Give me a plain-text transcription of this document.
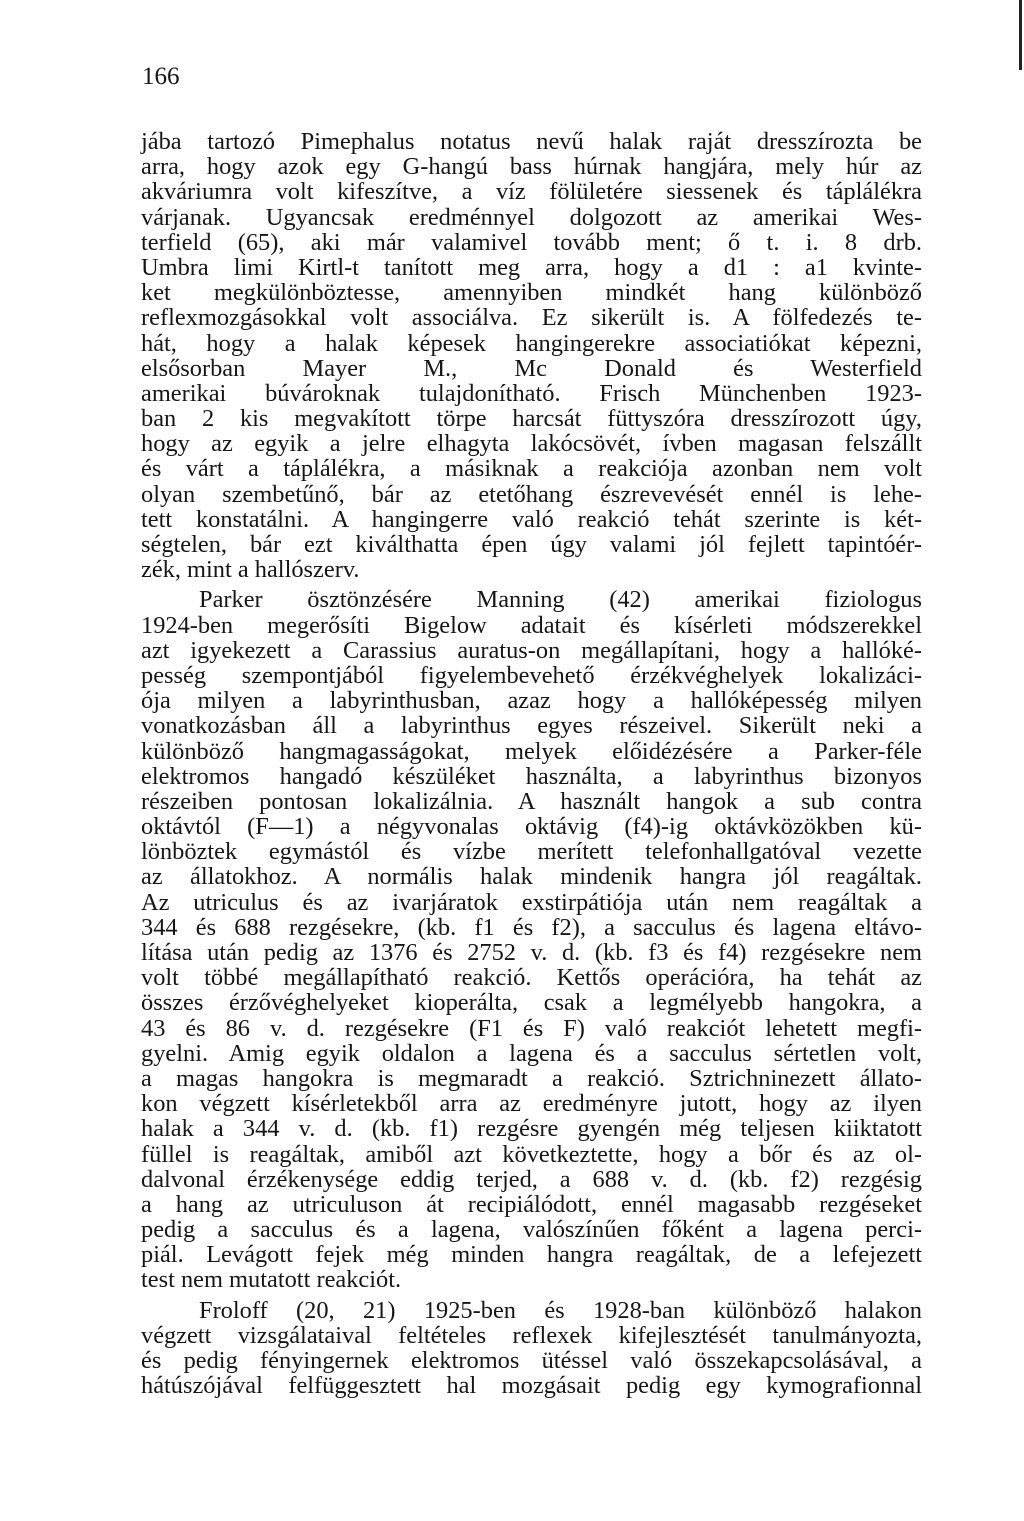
166
jába tartozó Pimephalus notatus nevű halak raját dresszírozta be
arra, hogy azok egy G-hangú bass húrnak hangjára, mely húr az
akváriumra volt kifeszítve, a víz fölületére siessenek és táplálékra
várjanak. Ugyancsak eredménnyel dolgozott az amerikai Wes-
terfield (65), aki már valamivel tovább ment; ő t. i. 8 drb.
Umbra limi Kirtl-t tanított meg arra, hogy a d1 : a1 kvinte-
ket megkülönböztesse, amennyiben mindkét hang különböző
reflexmozgásokkal volt associálva. Ez sikerült is. A fölfedezés te-
hát, hogy a halak képesek hangingerekre associatiókat képezni,
elsősorban Mayer M., Mc Donald és Westerfield
amerikai búvároknak tulajdonítható. Frisch Münchenben 1923-
ban 2 kis megvakított törpe harcsát füttyszóra dresszírozott úgy,
hogy az egyik a jelre elhagyta lakócsövét, ívben magasan felszállt
és várt a táplálékra, a másiknak a reakciója azonban nem volt
olyan szembetűnő, bár az etetőhang észrevevését ennél is lehe-
tett konstatálni. A hangingerre való reakció tehát szerinte is két-
ségtelen, bár ezt kiválthatta épen úgy valami jól fejlett tapintóér-
zék, mint a hallószerv.
Parker ösztönzésére Manning (42) amerikai fiziologus
1924-ben megerősíti Bigelow adatait és kísérleti módszerekkel
azt igyekezett a Carassius auratus-on megállapítani, hogy a hallóké-
pesség szempontjából figyelembevehető érzékvéghelyek lokalizáci-
ója milyen a labyrinthusban, azaz hogy a hallóképesség milyen
vonatkozásban áll a labyrinthus egyes részeivel. Sikerült neki a
különböző hangmagasságokat, melyek előidézésére a Parker-féle
elektromos hangadó készüléket használta, a labyrinthus bizonyos
részeiben pontosan lokalizálnia. A használt hangok a sub contra
oktávtól (F—1) a négyvonalas oktávig (f4)-ig oktávközökben kü-
lönböztek egymástól és vízbe merített telefonhallgatóval vezette
az állatokhoz. A normális halak mindenik hangra jól reagáltak.
Az utriculus és az ivarjáratok exstirpátiója után nem reagáltak a
344 és 688 rezgésekre, (kb. f1 és f2), a sacculus és lagena eltávo-
lítása után pedig az 1376 és 2752 v. d. (kb. f3 és f4) rezgésekre nem
volt többé megállapítható reakció. Kettős operációra, ha tehát az
összes érzővéghelyeket kioperálta, csak a legmélyebb hangokra, a
43 és 86 v. d. rezgésekre (F1 és F) való reakciót lehetett megfi-
gyelni. Amig egyik oldalon a lagena és a sacculus sértetlen volt,
a magas hangokra is megmaradt a reakció. Sztrichninezett állato-
kon végzett kísérletekből arra az eredményre jutott, hogy az ilyen
halak a 344 v. d. (kb. f1) rezgésre gyengén még teljesen kiiktatott
füllel is reagáltak, amiből azt következtette, hogy a bőr és az ol-
dalvonal érzékenysége eddig terjed, a 688 v. d. (kb. f2) rezgésig
a hang az utriculuson át recipiálódott, ennél magasabb rezgéseket
pedig a sacculus és a lagena, valószínűen főként a lagena perci-
piál. Levágott fejek még minden hangra reagáltak, de a lefejezett
test nem mutatott reakciót.
Froloff (20, 21) 1925-ben és 1928-ban különböző halakon
végzett vizsgálataival feltételes reflexek kifejlesztését tanulmányozta,
és pedig fényingernek elektromos ütéssel való összekapcsolásával, a
hátúszójával felfüggesztett hal mozgásait pedig egy kymografionnal
